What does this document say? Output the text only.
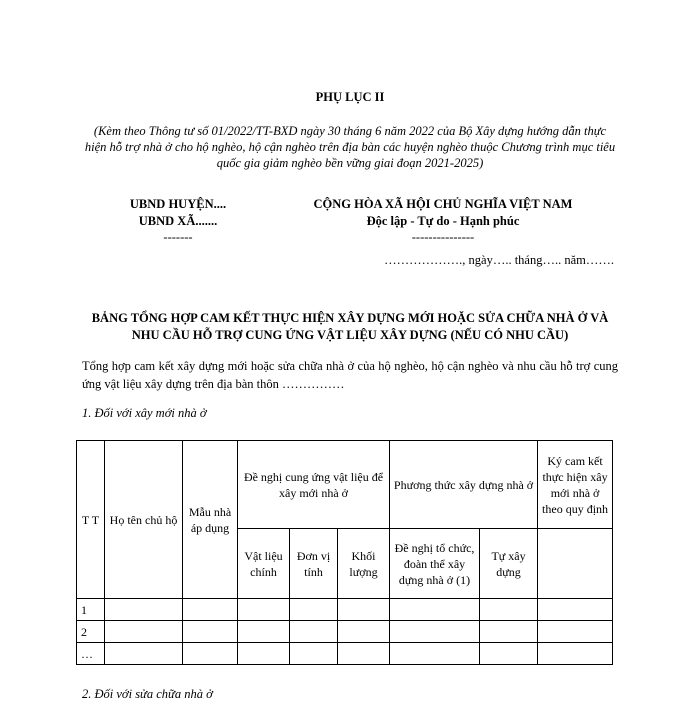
PHỤ LỤC II
(Kèm theo Thông tư số 01/2022/TT-BXD ngày 30 tháng 6 năm 2022 của Bộ Xây dựng hướng dẫn thực hiện hỗ trợ nhà ở cho hộ nghèo, hộ cận nghèo trên địa bàn các huyện nghèo thuộc Chương trình mục tiêu quốc gia giảm nghèo bền vững giai đoạn 2021-2025)
UBND HUYỆN....
UBND XÃ.......
-------
CỘNG HÒA XÃ HỘI CHỦ NGHĨA VIỆT NAM
Độc lập - Tự do - Hạnh phúc
---------------
………………., ngày….. tháng….. năm…….
BẢNG TỔNG HỢP CAM KẾT THỰC HIỆN XÂY DỰNG MỚI HOẶC SỬA CHỮA NHÀ Ở VÀ NHU CẦU HỖ TRỢ CUNG ỨNG VẬT LIỆU XÂY DỰNG (NẾU CÓ NHU CẦU)
Tổng hợp cam kết xây dựng mới hoặc sửa chữa nhà ở của hộ nghèo, hộ cận nghèo và nhu cầu hỗ trợ cung ứng vật liệu xây dựng trên địa bàn thôn ……………
1. Đối với xây mới nhà ở
T T	Họ tên chủ hộ	Mẫu nhà áp dụng	Đề nghị cung ứng vật liệu để xây mới nhà ở			Phương thức xây dựng nhà ở		Ký cam kết thực hiện xây mới nhà ở theo quy định
			Vật liệu chính	Đơn vị tính	Khối lượng	Đề nghị tổ chức, đoàn thể xây dựng nhà ở (1)	Tự xây dựng	
1								
2								
…								
2. Đối với sửa chữa nhà ở
